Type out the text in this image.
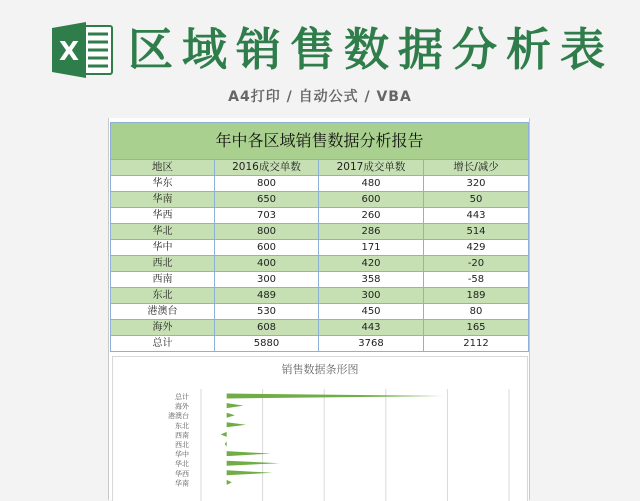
X 区域销售数据分析表
A4打印 / 自动公式 / VBA
年中各区域销售数据分析报告			
地区	2016成交单数	2017成交单数	增长/减少
华东	800	480	320
华南	650	600	50
华西	703	260	443
华北	800	286	514
华中	600	171	429
西北	400	420	-20
西南	300	358	-58
东北	489	300	189
港澳台	530	450	80
海外	608	443	165
总计	5880	3768	2112
销售数据条形图
总计
海外
港澳台
东北
西南
西北
华中
华北
华西
华南
